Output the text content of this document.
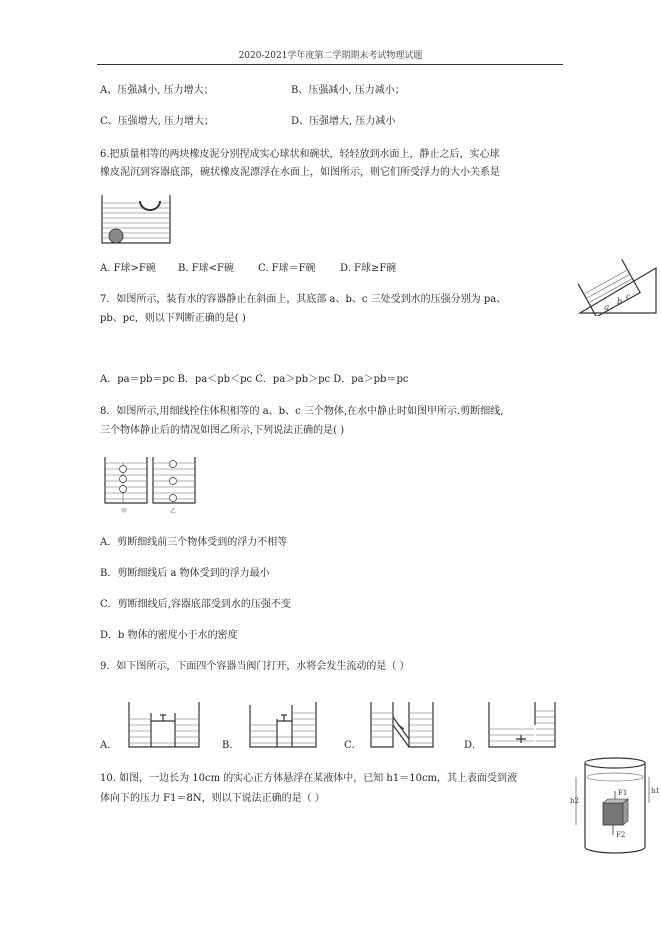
2020-2021学年度第二学期期末考试物理试题
A、压强减小, 压力增大；	B、压强减小, 压力减小；
C、压强增大, 压力增大；	D、压强增大, 压力减小
6.把质量相等的两块橡皮泥分别捏成实心球状和碗状，轻轻放到水面上，静止之后，实心球
橡皮泥沉到容器底部，碗状橡皮泥漂浮在水面上，如图所示，则它们所受浮力的大小关系是
A. F球>F碗 B. F球<F碗 C. F球＝F碗 D. F球≥F碗
a
b
c
7．如图所示，装有水的容器静止在斜面上，其底部 a、b、c 三处受到水的压强分别为 pa、
pb、pc，则以下判断正确的是( )
A．pa＝pb＝pc B．pa＜pb＜pc C．pa＞pb＞pc D．pa＞pb＝pc
8．如图所示,用细线拴住体积相等的 a、b、c 三个物体,在水中静止时如图甲所示.剪断细线,
三个物体静止后的情况如图乙所示,下列说法正确的是( )
甲	乙
A．剪断细线前三个物体受到的浮力不相等
B．剪断细线后 a 物体受到的浮力最小
C．剪断细线后,容器底部受到水的压强不变
D．b 物体的密度小于水的密度
9．如下图所示，下面四个容器当阀门打开，水将会发生流动的是（ ）
A．	B．	C．	D．
10. 如图，一边长为 10cm 的实心正方体悬浮在某液体中，已知 h1＝10cm，其上表面受到液
体向下的压力 F1＝8N，则以下说法正确的是（ ）	F1
F2
h1
h2
